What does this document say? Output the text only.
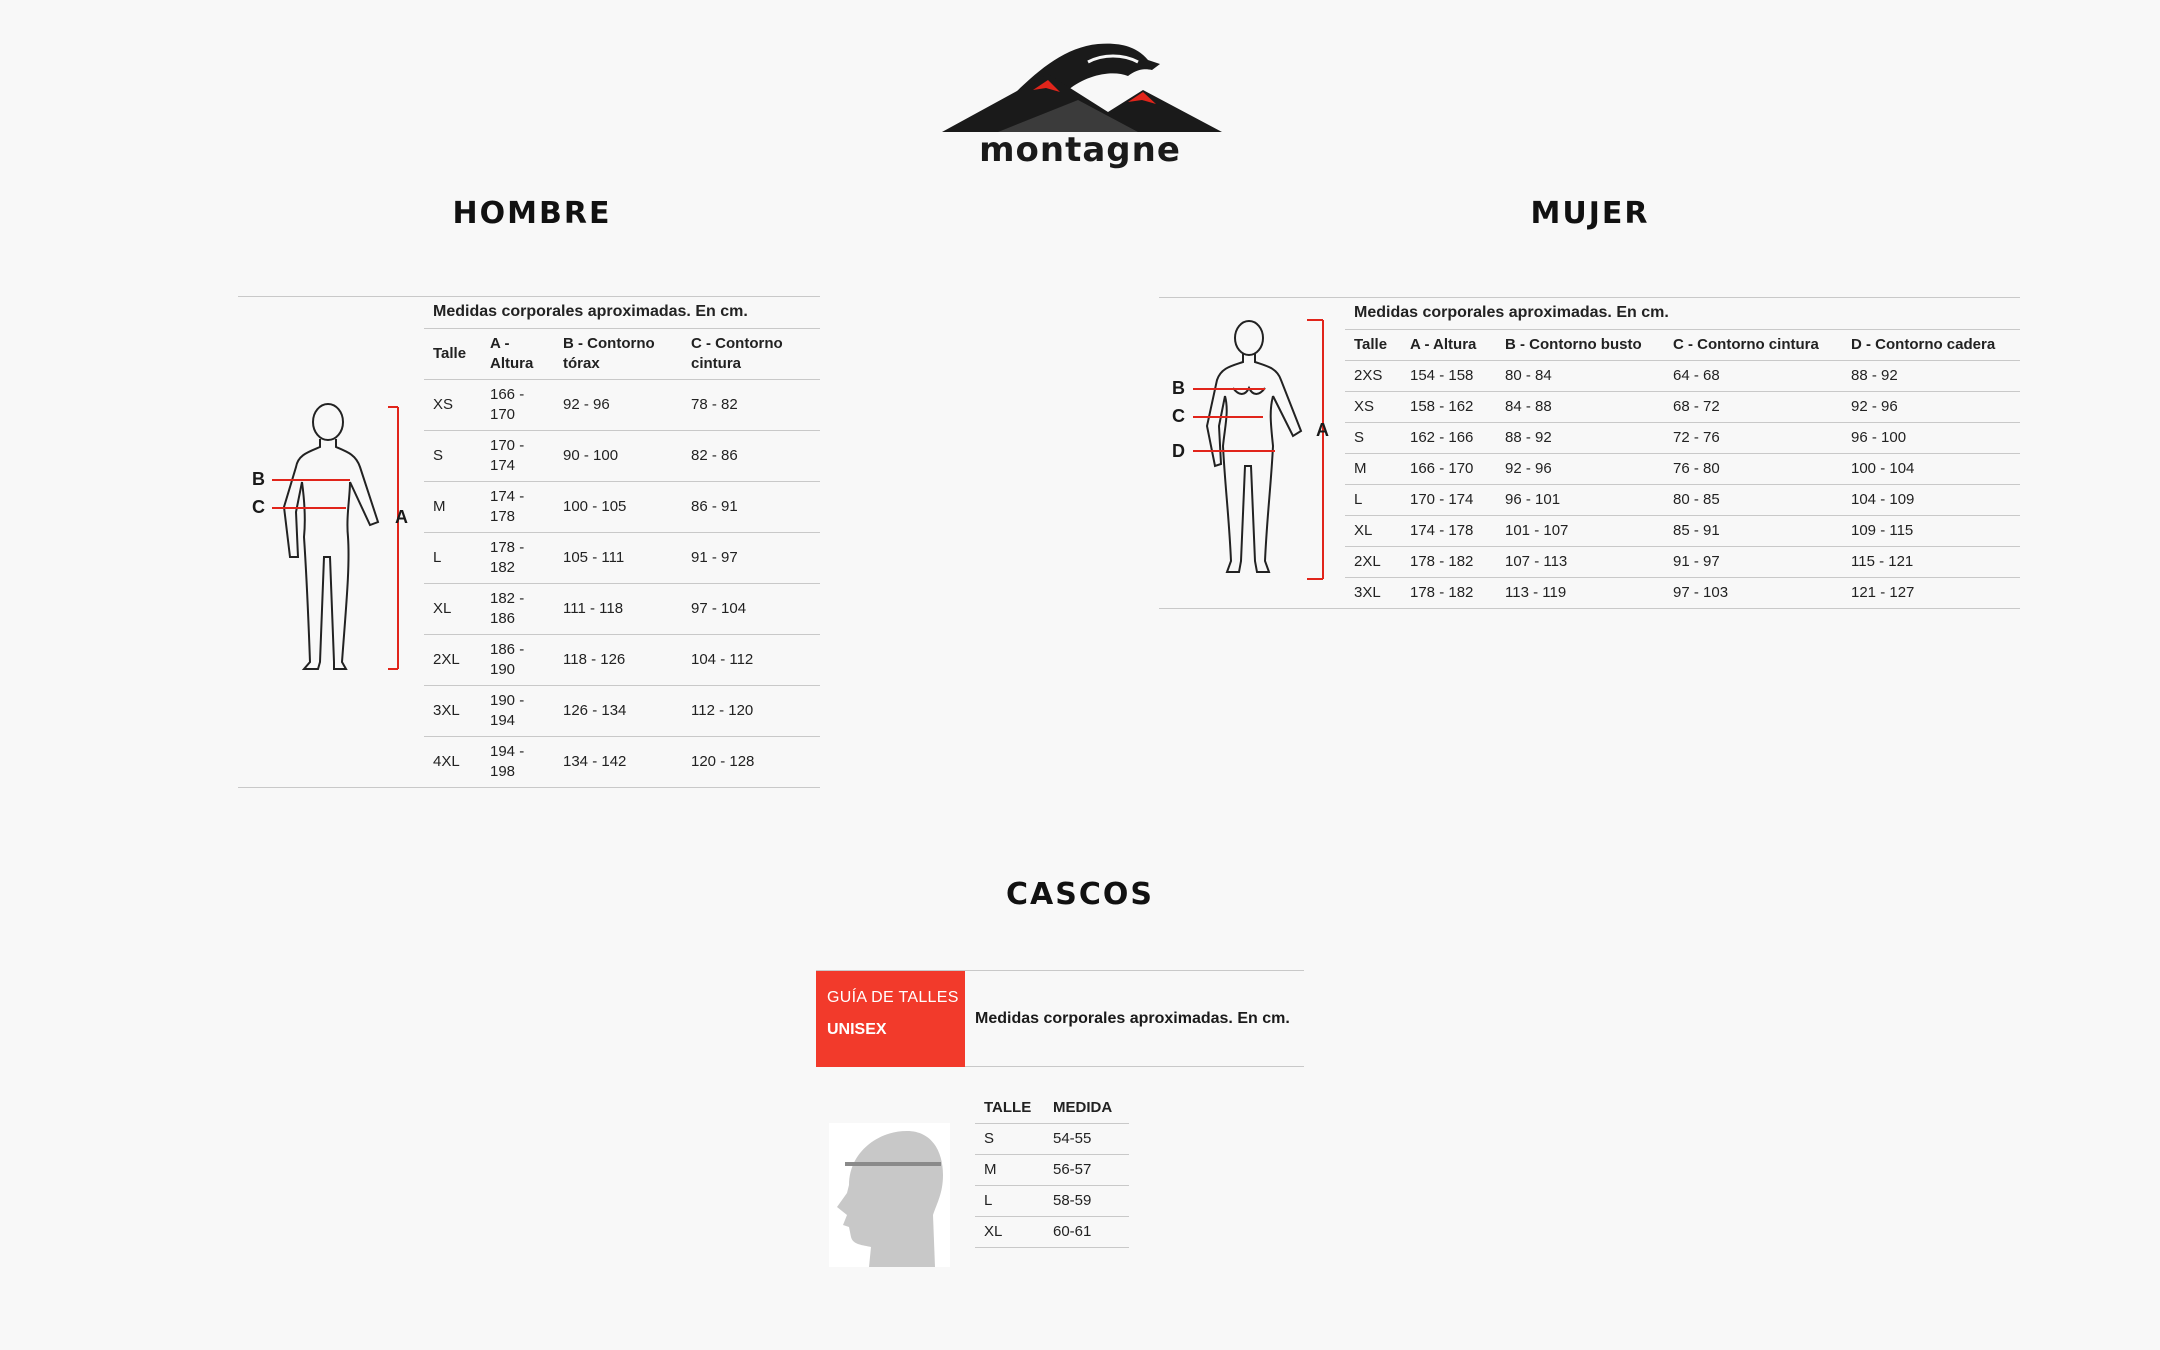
montagne
HOMBRE
B
C	A
Medidas corporales aproximadas. En cm.			
Talle	A - Altura	B - Contorno tórax	C - Contorno cintura
XS	166 - 170	92 - 96	78 - 82
S	170 - 174	90 - 100	82 - 86
M	174 - 178	100 - 105	86 - 91
L	178 - 182	105 - 111	91 - 97
XL	182 - 186	111 - 118	97 - 104
2XL	186 - 190	118 - 126	104 - 112
3XL	190 - 194	126 - 134	112 - 120
4XL	194 - 198	134 - 142	120 - 128
MUJER
B
C
D
A
Medidas corporales aproximadas. En cm.				
Talle	A - Altura	B - Contorno busto	C - Contorno cintura	D - Contorno cadera
2XS	154 - 158	80 - 84	64 - 68	88 - 92
XS	158 - 162	84 - 88	68 - 72	92 - 96
S	162 - 166	88 - 92	72 - 76	96 - 100
M	166 - 170	92 - 96	76 - 80	100 - 104
L	170 - 174	96 - 101	80 - 85	104 - 109
XL	174 - 178	101 - 107	85 - 91	109 - 115
2XL	178 - 182	107 - 113	91 - 97	115 - 121
3XL	178 - 182	113 - 119	97 - 103	121 - 127
CASCOS
GUÍA DE TALLES
UNISEX
Medidas corporales aproximadas. En cm.
TALLE	MEDIDA
S	54-55
M	56-57
L	58-59
XL	60-61
